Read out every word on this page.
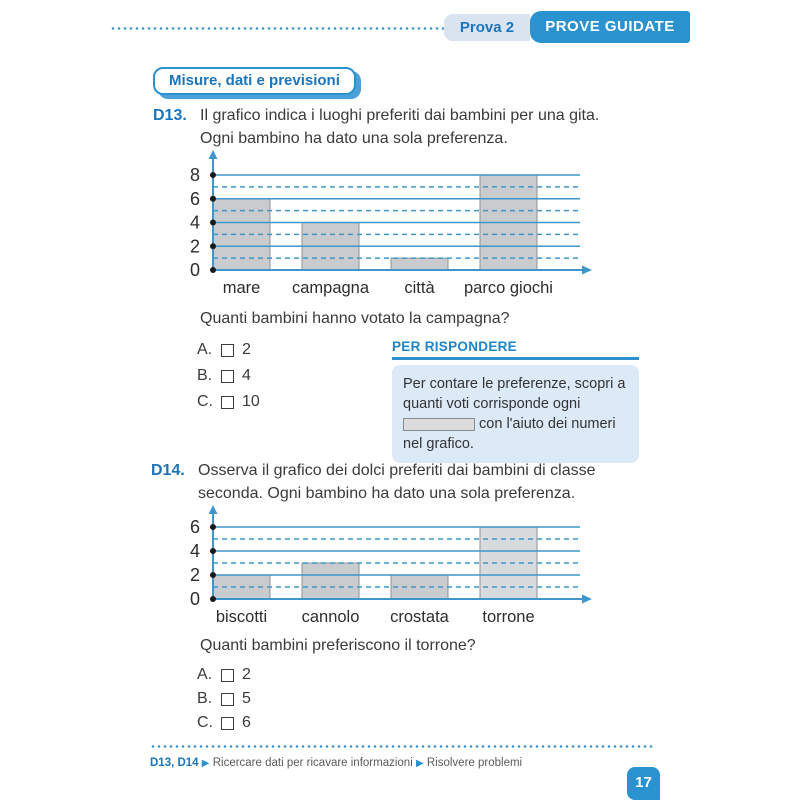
Prova 2	PROVE GUIDATE
Misure, dati e previsioni
D13. Il grafico indica i luoghi preferiti dai bambini per una gita.
Ogni bambino ha dato una sola preferenza.
0
2
4
6
8
mare campagna città parco giochi
Quanti bambini hanno votato la campagna?
A.	2
B.	4
C.	10
PER RISPONDERE
Per contare le preferenze, scopri a quanti voti corrisponde ogni  con l'aiuto dei numeri nel grafico.
D14. Osserva il grafico dei dolci preferiti dai bambini di classe
seconda. Ogni bambino ha dato una sola preferenza.
0
2
4
6
biscotti cannolo crostata torrone
Quanti bambini preferiscono il torrone?
A.	2
B.	5
C.	6
D13, D14 ▶ Ricercare dati per ricavare informazioni ▶ Risolvere problemi
17
